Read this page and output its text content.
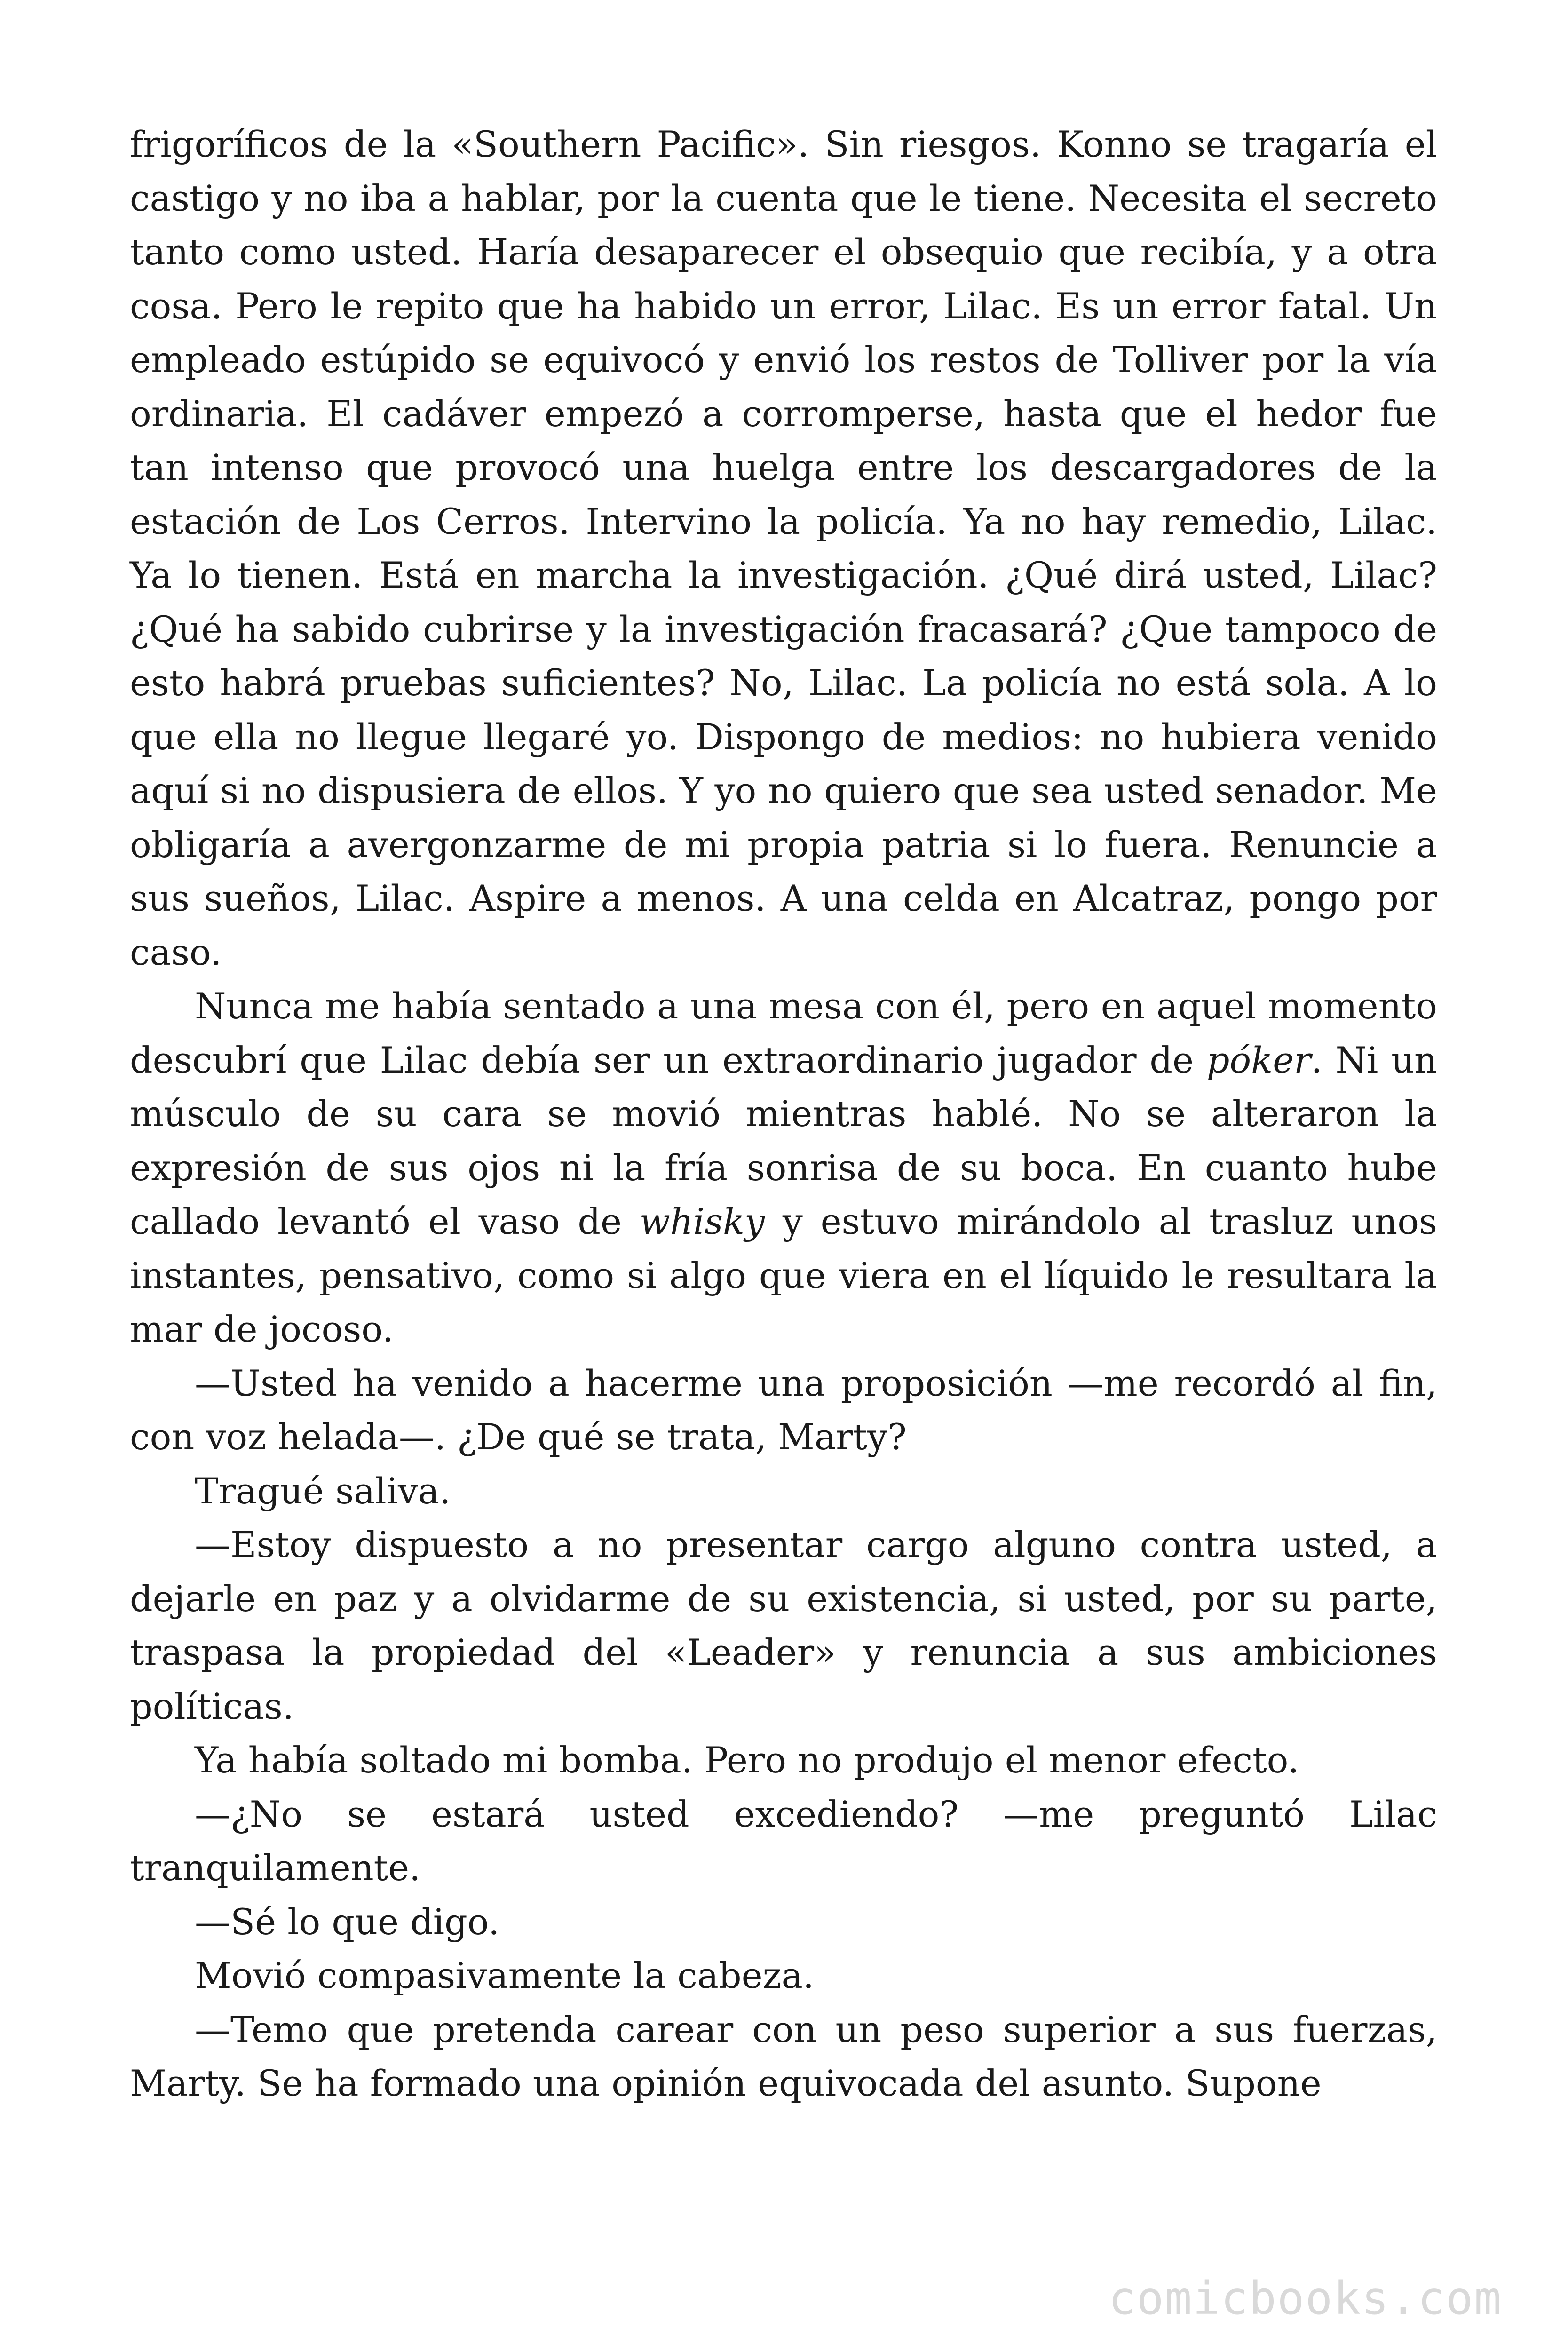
frigoríficos de la «Southern Pacific». Sin riesgos. Konno se tragaría el castigo y no iba a hablar, por la cuenta que le tiene. Necesita el secreto tanto como usted. Haría desaparecer el obsequio que recibía, y a otra cosa. Pero le repito que ha habido un error, Lilac. Es un error fatal. Un empleado estúpido se equivocó y envió los restos de Tolliver por la vía ordinaria. El cadáver empezó a corromperse, hasta que el hedor fue tan intenso que provocó una huelga entre los descargadores de la estación de Los Cerros. Intervino la policía. Ya no hay remedio, Lilac. Ya lo tienen. Está en marcha la investigación. ¿Qué dirá usted, Lilac? ¿Qué ha sabido cubrirse y la investigación fracasará? ¿Que tampoco de esto habrá pruebas suficientes? No, Lilac. La policía no está sola. A lo que ella no llegue llegaré yo. Dispongo de medios: no hubiera venido aquí si no dispusiera de ellos. Y yo no quiero que sea usted senador. Me obligaría a avergonzarme de mi propia patria si lo fuera. Renuncie a sus sueños, Lilac. Aspire a menos. A una celda en Alcatraz, pongo por caso.

Nunca me había sentado a una mesa con él, pero en aquel momento descubrí que Lilac debía ser un extraordinario jugador de póker. Ni un músculo de su cara se movió mientras hablé. No se alteraron la expresión de sus ojos ni la fría sonrisa de su boca. En cuanto hube callado levantó el vaso de whisky y estuvo mirándolo al trasluz unos instantes, pensativo, como si algo que viera en el líquido le resultara la mar de jocoso.

—Usted ha venido a hacerme una proposición —me recordó al fin, con voz helada—. ¿De qué se trata, Marty?

Tragué saliva.

—Estoy dispuesto a no presentar cargo alguno contra usted, a dejarle en paz y a olvidarme de su existencia, si usted, por su parte, traspasa la propiedad del «Leader» y renuncia a sus ambiciones políticas.

Ya había soltado mi bomba. Pero no produjo el menor efecto.

—¿No se estará usted excediendo? —me preguntó Lilac tranquilamente.

—Sé lo que digo.

Movió compasivamente la cabeza.

—Temo que pretenda carear con un peso superior a sus fuerzas, Marty. Se ha formado una opinión equivocada del asunto. Supone

comicbooks.com
